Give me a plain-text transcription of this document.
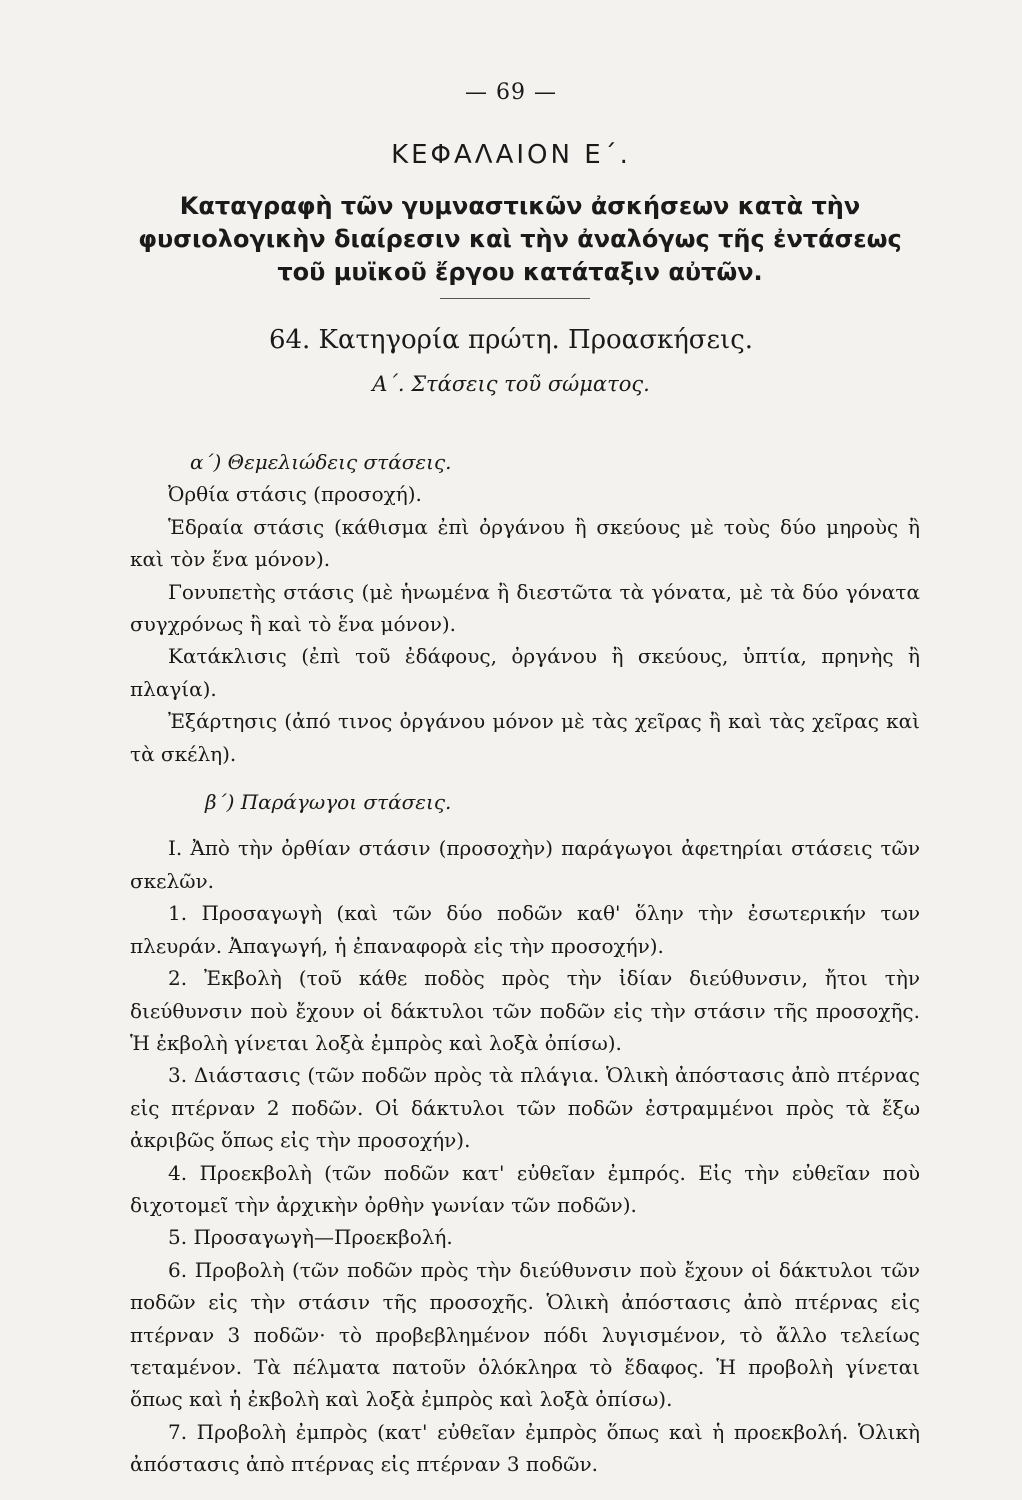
— 69 —
ΚΕΦΑΛΑΙΟΝ Ε΄.
Καταγραφὴ τῶν γυμναστικῶν ἀσκήσεων κατὰ τὴν
φυσιολογικὴν διαίρεσιν καὶ τὴν ἀναλόγως τῆς ἐντάσεως
τοῦ μυϊκοῦ ἔργου κατάταξιν αὐτῶν.
64. Κατηγορία πρώτη. Προασκήσεις.
Α΄. Στάσεις τοῦ σώματος.

α΄) Θεμελιώδεις στάσεις.

Ὀρθία στάσις (προσοχή).

Ἑδραία στάσις (κάθισμα ἐπὶ ὀργάνου ἢ σκεύους μὲ τοὺς δύο μηροὺς ἢ καὶ τὸν ἕνα μόνον).

Γονυπετὴς στάσις (μὲ ἡνωμένα ἢ διεστῶτα τὰ γόνατα, μὲ τὰ δύο γόνατα συγχρόνως ἢ καὶ τὸ ἕνα μόνον).

Κατάκλισις (ἐπὶ τοῦ ἐδάφους, ὀργάνου ἢ σκεύους, ὑπτία, πρηνὴς ἢ πλαγία).

Ἐξάρτησις (ἀπό τινος ὀργάνου μόνον μὲ τὰς χεῖρας ἢ καὶ τὰς χεῖρας καὶ τὰ σκέλη).

β΄) Παράγωγοι στάσεις.

I. Ἀπὸ τὴν ὀρθίαν στάσιν (προσοχὴν) παράγωγοι ἀφετηρίαι στάσεις τῶν σκελῶν.

1. Προσαγωγὴ (καὶ τῶν δύο ποδῶν καθ' ὅλην τὴν ἐσωτερικήν των πλευράν. Ἀπαγωγή, ἡ ἐπαναφορὰ εἰς τὴν προσοχήν).

2. Ἐκβολὴ (τοῦ κάθε ποδὸς πρὸς τὴν ἰδίαν διεύθυνσιν, ἤτοι τὴν διεύθυνσιν ποὺ ἔχουν οἱ δάκτυλοι τῶν ποδῶν εἰς τὴν στάσιν τῆς προσοχῆς. Ἡ ἐκβολὴ γίνεται λοξὰ ἐμπρὸς καὶ λοξὰ ὀπίσω).

3. Διάστασις (τῶν ποδῶν πρὸς τὰ πλάγια. Ὁλικὴ ἀπόστασις ἀπὸ πτέρνας εἰς πτέρναν 2 ποδῶν. Οἱ δάκτυλοι τῶν ποδῶν ἐστραμμένοι πρὸς τὰ ἔξω ἀκριβῶς ὅπως εἰς τὴν προσοχήν).

4. Προεκβολὴ (τῶν ποδῶν κατ' εὐθεῖαν ἐμπρός. Εἰς τὴν εὐθεῖαν ποὺ διχοτομεῖ τὴν ἀρχικὴν ὀρθὴν γωνίαν τῶν ποδῶν).

5. Προσαγωγὴ—Προεκβολή.

6. Προβολὴ (τῶν ποδῶν πρὸς τὴν διεύθυνσιν ποὺ ἔχουν οἱ δάκτυλοι τῶν ποδῶν εἰς τὴν στάσιν τῆς προσοχῆς. Ὁλικὴ ἀπόστασις ἀπὸ πτέρνας εἰς πτέρναν 3 ποδῶν· τὸ προβεβλημένον πόδι λυγισμένον, τὸ ἄλλο τελείως τεταμένον. Τὰ πέλματα πατοῦν ὁλόκληρα τὸ ἔδαφος. Ἡ προβολὴ γίνεται ὅπως καὶ ἡ ἐκβολὴ καὶ λοξὰ ἐμπρὸς καὶ λοξὰ ὀπίσω).

7. Προβολὴ ἐμπρὸς (κατ' εὐθεῖαν ἐμπρὸς ὅπως καὶ ἡ προεκβολή. Ὁλικὴ ἀπόστασις ἀπὸ πτέρνας εἰς πτέρναν 3 ποδῶν.
